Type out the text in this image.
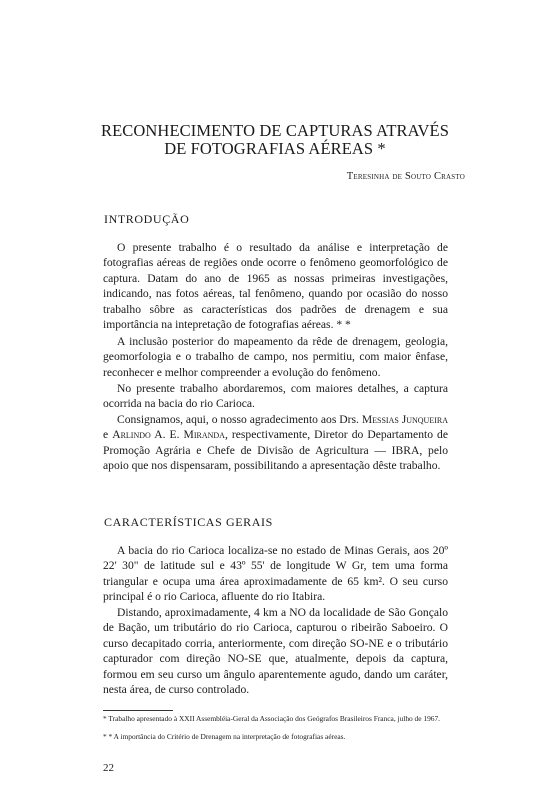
RECONHECIMENTO DE CAPTURAS ATRAVÉS
DE FOTOGRAFIAS AÉREAS *
Teresinha de Souto Crasto
INTRODUÇÃO

O presente trabalho é o resultado da análise e interpretação de fotografias aéreas de regiões onde ocorre o fenômeno geomorfológico de captura. Datam do ano de 1965 as nossas primeiras investigações, indicando, nas fotos aéreas, tal fenômeno, quando por ocasião do nosso trabalho sôbre as características dos padrões de drenagem e sua importância na intepretação de fotografias aéreas. * *

A inclusão posterior do mapeamento da rêde de drenagem, geologia, geomorfologia e o trabalho de campo, nos permitiu, com maior ênfase, reconhecer e melhor compreender a evolução do fenômeno.

No presente trabalho abordaremos, com maiores detalhes, a captura ocorrida na bacia do rio Carioca.

Consignamos, aqui, o nosso agradecimento aos Drs. Messias Junqueira e Arlindo A. E. Miranda, respectivamente, Diretor do Departamento de Promoção Agrária e Chefe de Divisão de Agricultura — IBRA, pelo apoio que nos dispensaram, possibilitando a apresentação dêste trabalho.

CARACTERÍSTICAS GERAIS

A bacia do rio Carioca localiza-se no estado de Minas Gerais, aos 20º 22' 30" de latitude sul e 43º 55' de longitude W Gr, tem uma forma triangular e ocupa uma área aproximadamente de 65 km². O seu curso principal é o rio Carioca, afluente do rio Itabira.

Distando, aproximadamente, 4 km a NO da localidade de São Gonçalo de Bação, um tributário do rio Carioca, capturou o ribeirão Saboeiro. O curso decapitado corria, anteriormente, com direção SO-NE e o tributário capturador com direção NO-SE que, atualmente, depois da captura, formou em seu curso um ângulo aparentemente agudo, dando um caráter, nesta área, de curso controlado.

* Trabalho apresentado à XXII Assembléia-Geral da Associação dos Geógrafos Brasileiros Franca, julho de 1967.
* * A importância do Critério de Drenagem na interpretação de fotografias aéreas.
22
